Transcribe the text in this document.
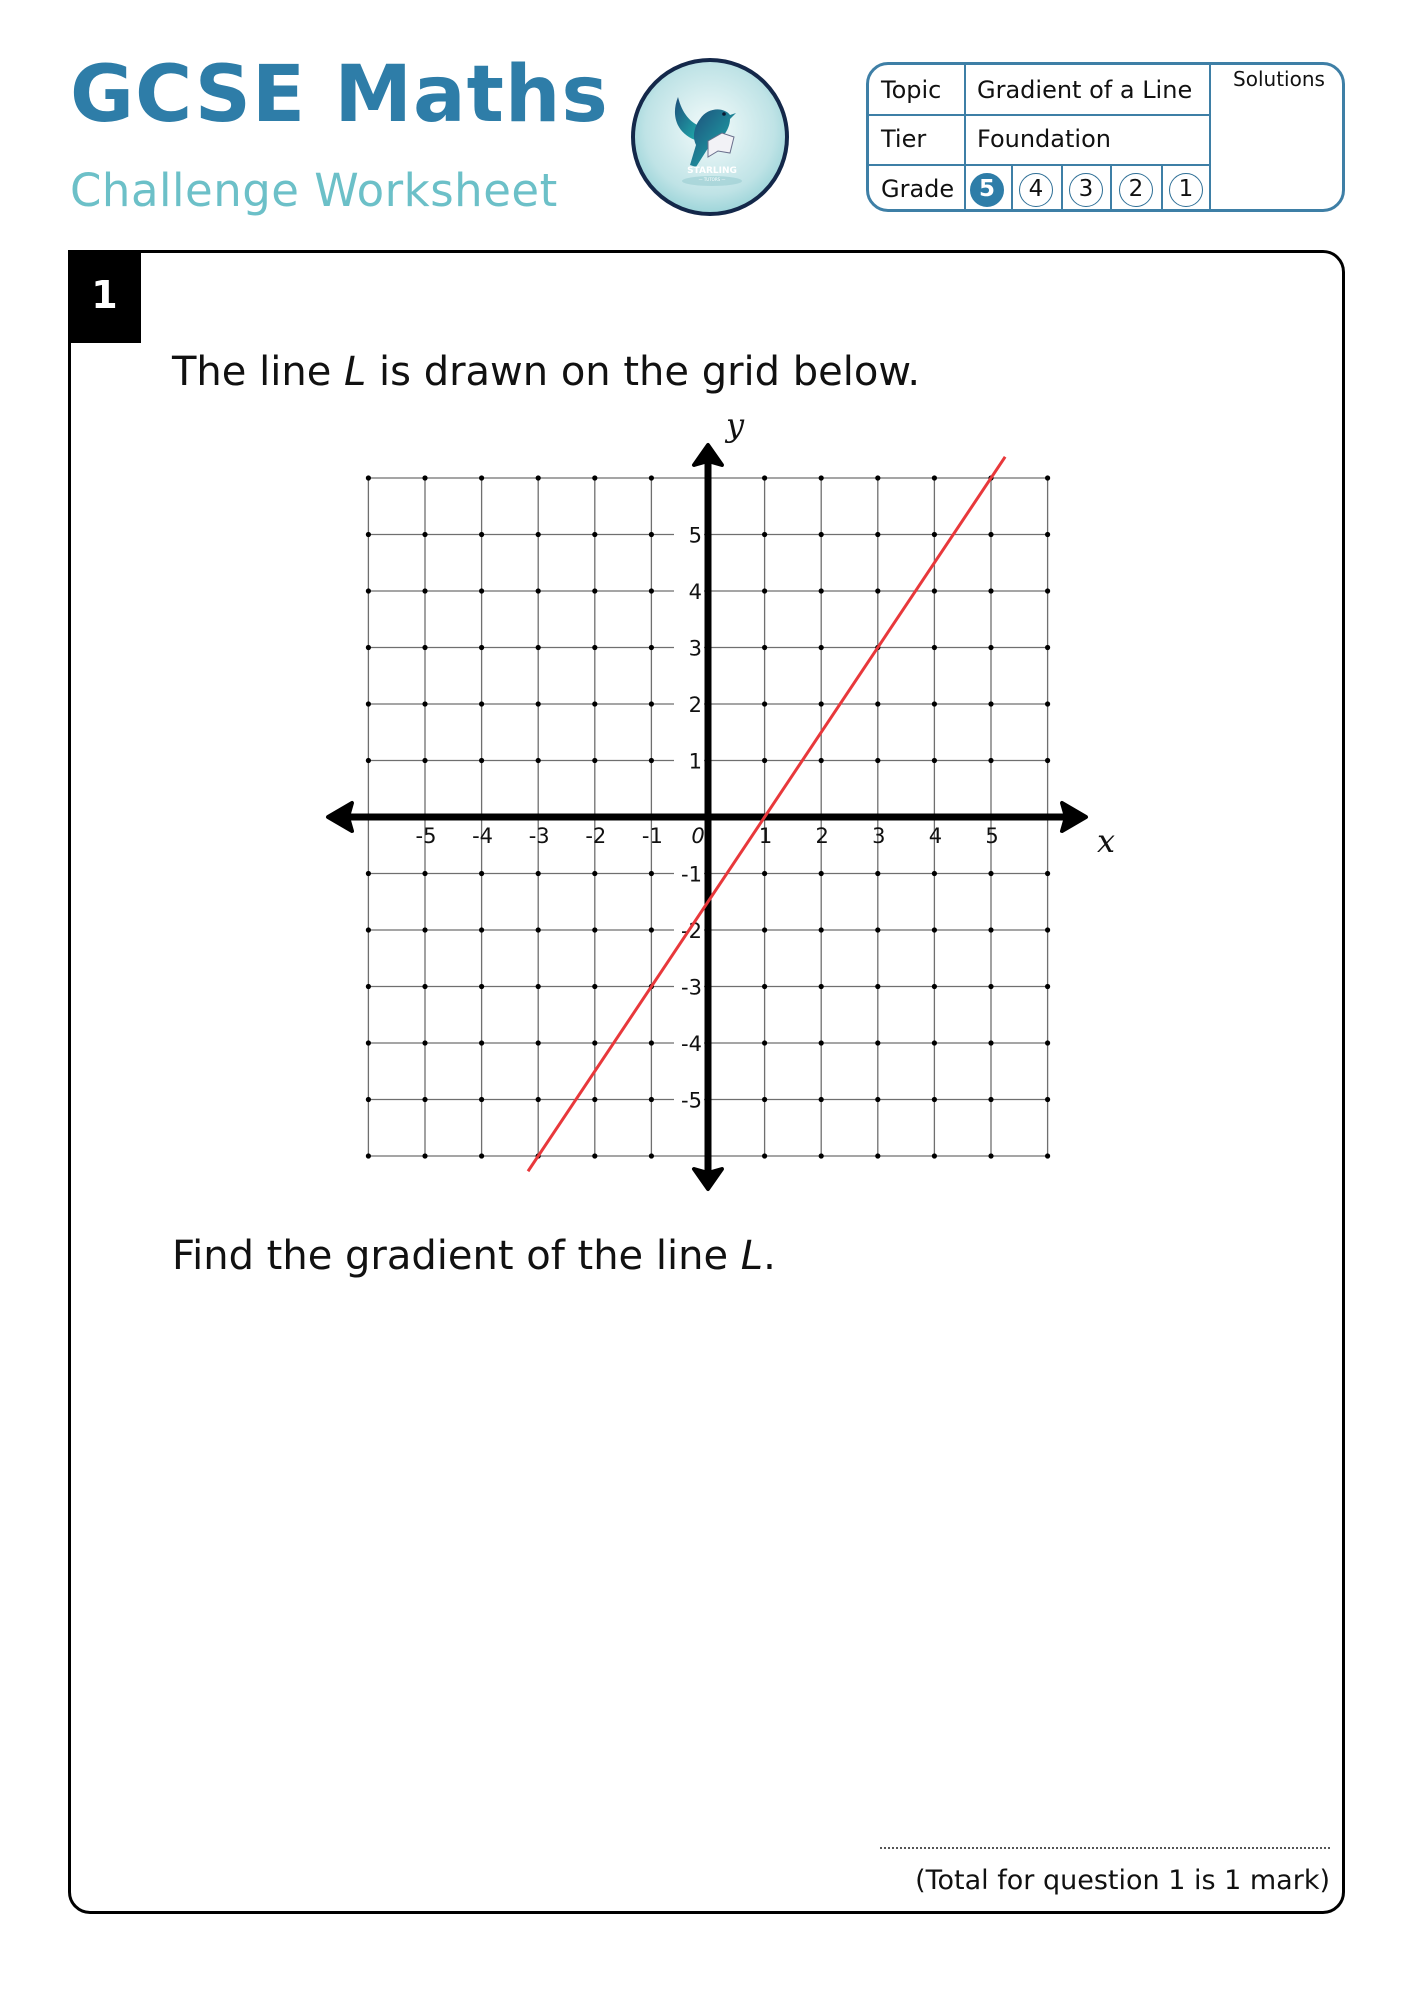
GCSE Maths
Challenge Worksheet	STARLING
— TUTORS —
Topic Gradient of a Line
Tier Foundation
Grade	5	4	3	2	1
Solutions
1
The line L is drawn on the grid below.
5
4
3
2
1
-1
-2
-3
-4
-5
-5 -4 -3 -2 -1	1 2 3 4 5
0	x
y
Find the gradient of the line L.
(Total for question 1 is 1 mark)
